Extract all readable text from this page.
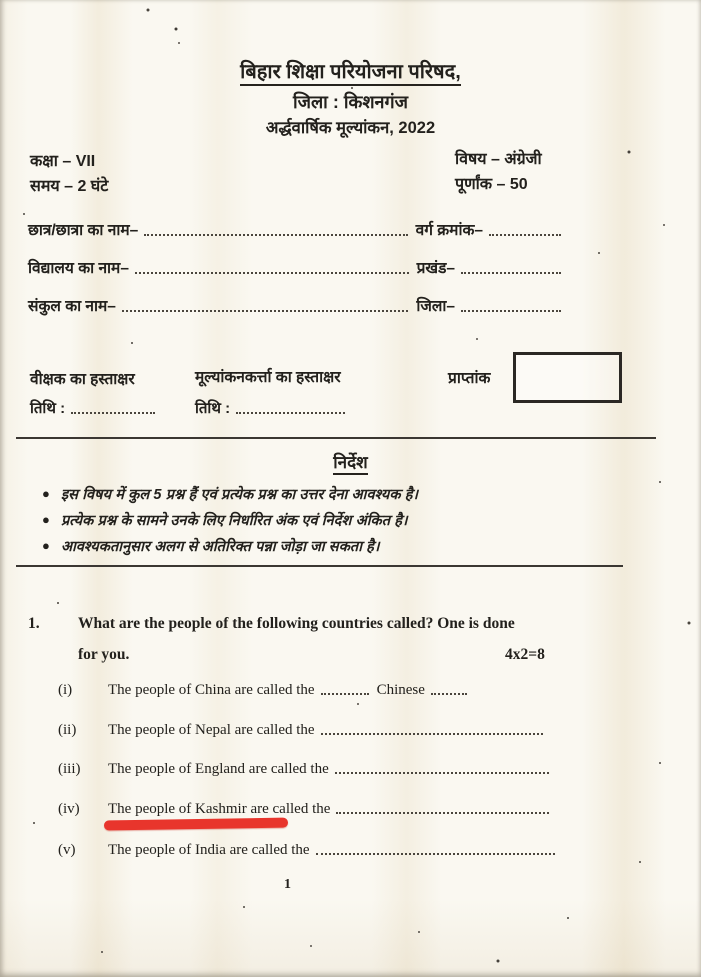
बिहार शिक्षा परियोजना परिषद,
जिला : किशनगंज
अर्द्धवार्षिक मूल्यांकन, 2022
कक्षा – VII
समय – 2 घंटे
विषय – अंग्रेजी
पूर्णांक – 50
छात्र/छात्रा का नाम–	वर्ग क्रमांक–
विद्यालय का नाम–	प्रखंड–
संकुल का नाम–	जिला–
वीक्षक का हस्ताक्षर	मूल्यांकनकर्त्ता का हस्ताक्षर	प्राप्तांक
तिथि :	तिथि :
निर्देश
● इस विषय में कुल 5 प्रश्न हैं एवं प्रत्येक प्रश्न का उत्तर देना आवश्यक है।
● प्रत्येक प्रश्न के सामने उनके लिए निर्धारित अंक एवं निर्देश अंकित है।
● आवश्यकतानुसार अलग से अतिरिक्त पन्ना जोड़ा जा सकता है।
1.	What are the people of the following countries called? One is done
for you.	4x2=8
(i)	The people of China are called the	Chinese
(ii)	The people of Nepal are called the
(iii)	The people of England are called the
(iv)	The people of Kashmir are called the
(v)	The people of India are called the
1
